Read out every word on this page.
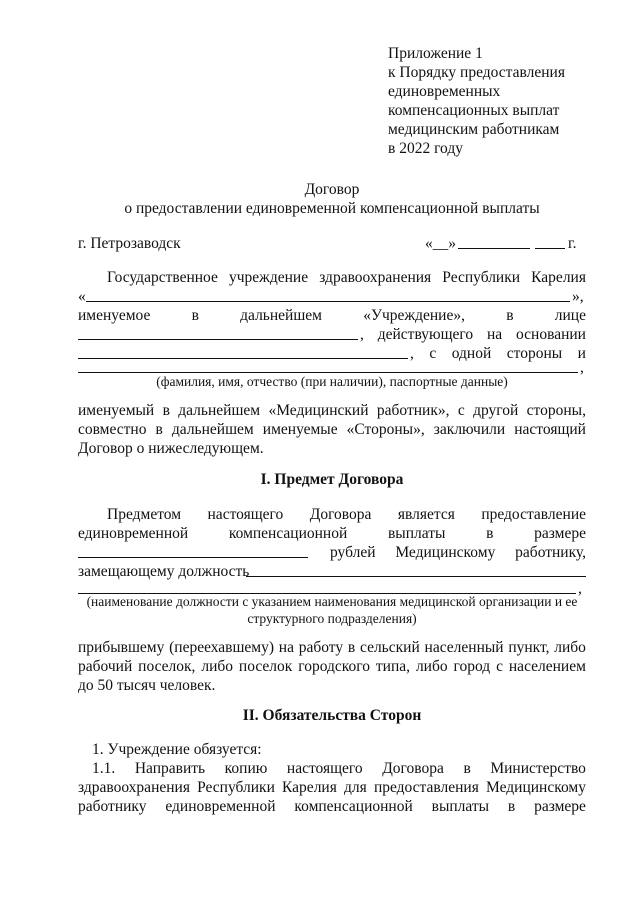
Приложение 1
к Порядку предоставления
единовременных
компенсационных выплат
медицинским работникам
в 2022 году
Договор
о предоставлении единовременной компенсационной выплаты
г. Петрозаводск	«__»	г.
Государственное учреждение здравоохранения Республики Карелия
«	»,
именуемое	в	дальнейшем	«Учреждение»,	в	лице
, действующего на основании
, с одной стороны и
,
(фамилия, имя, отчество (при наличии), паспортные данные)
именуемый в дальнейшем «Медицинский работник», с другой стороны,
совместно в дальнейшем именуемые «Стороны», заключили настоящий
Договор о нижеследующем.
I. Предмет Договора
Предметом настоящего Договора является предоставление
единовременной	компенсационной	выплаты	в	размере
рублей Медицинскому работнику,
замещающему должность
,
(наименование должности с указанием наименования медицинской организации и ее
структурного подразделения)
прибывшему (переехавшему) на работу в сельский населенный пункт, либо
рабочий поселок, либо поселок городского типа, либо город с населением
до 50 тысяч человек.
II. Обязательства Сторон
1. Учреждение обязуется:
1.1. Направить копию настоящего Договора в Министерство
здравоохранения Республики Карелия для предоставления Медицинскому
работнику единовременной компенсационной выплаты в размере
